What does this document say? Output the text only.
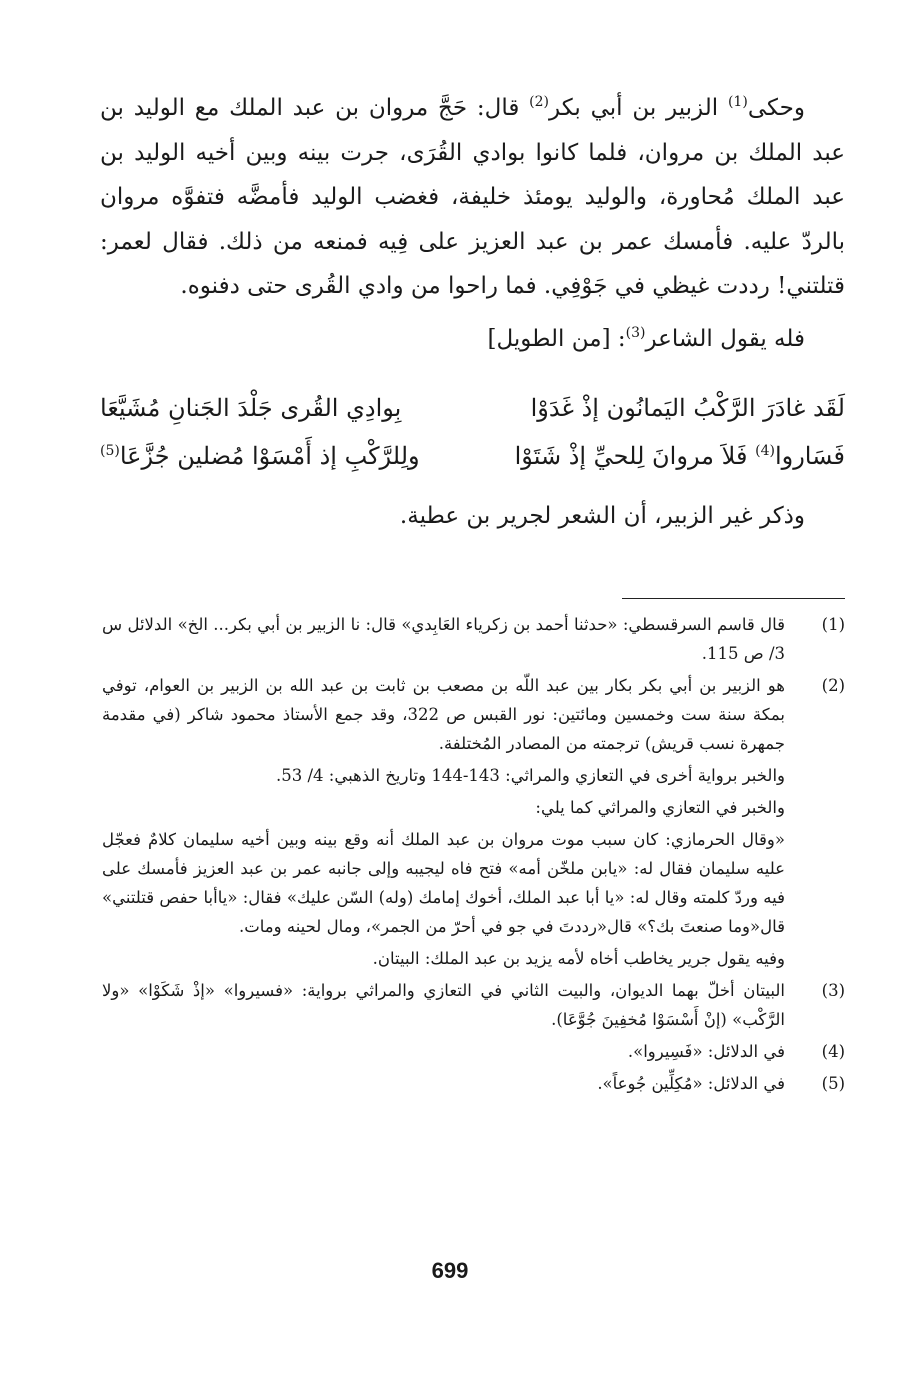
وحكى$^{(1)}$ الزبير بن أبي بكر$^{(2)}$ قال: حَجَّ مروان بن عبد الملك مع الوليد بن عبد الملك بن مروان، فلما كانوا بوادي القُرَى، جرت بينه وبين أخيه الوليد بن عبد الملك مُحاورة، والوليد يومئذ خليفة، فغضب الوليد فأمضَّه فتفوَّه مروان بالردّ عليه. فأمسك عمر بن عبد العزيز على فِيه فمنعه من ذلك. فقال لعمر: قتلتني! رددت غيظي في جَوْفِي. فما راحوا من وادي القُرى حتى دفنوه.

فله يقول الشاعر$^{(3)}$: [من الطويل]

لَقَد غادَرَ الرَّكْبُ اليَمانُون إذْ غَدَوْا
بِوادِي القُرى جَلْدَ الجَنانِ مُشَيَّعَا
فَسَاروا$^{(4)}$ فَلاَ مروانَ لِلحيِّ إذْ شَتَوْا
ولِلرَّكْبِ إذ أَمْسَوْا مُضلين جُزَّعَا$^{(5)}$

وذكر غير الزبير، أن الشعر لجرير بن عطية.

(1)

قال قاسم السرقسطي: «حدثنا أحمد بن زكرياء العَابِدي» قال: نا الزبير بن أبي بكر... الخ» الدلائل س 3/ ص 115.

(2)

هو الزبير بن أبي بكر بكار بين عبد اللّه بن مصعب بن ثابت بن عبد الله بن الزبير بن العوام، توفي بمكة سنة ست وخمسين ومائتين: نور القبس ص 322، وقد جمع الأستاذ محمود شاكر (في مقدمة جمهرة نسب قريش) ترجمته من المصادر المُختلفة.

والخبر برواية أخرى في التعازي والمراثي: 143-144 وتاريخ الذهبي: 4/ 53.

والخبر في التعازي والمراثي كما يلي:

«وقال الحرمازي: كان سبب موت مروان بن عبد الملك أنه وقع بينه وبين أخيه سليمان كلامٌ فعجّل عليه سليمان فقال له: «يابن ملخّن أمه» فتح فاه ليجيبه وإلى جانبه عمر بن عبد العزيز فأمسك على فيه وردّ كلمته وقال له: «يا أبا عبد الملك، أخوك إمامك (وله) السّن عليك» فقال: «ياأبا حفص قتلتني» قال«وما صنعتَ بك؟» قال«رددتَ في جو في أحرّ من الجمر»، ومال لحينه ومات.

وفيه يقول جرير يخاطب أخاه لأمه يزيد بن عبد الملك: البيتان.

(3)

البيتان أخلّ بهما الديوان، والبيت الثاني في التعازي والمراثي برواية: «فسيروا» «إذْ شَكَوْا» «ولا الرَّكْب» (إنْ أَسْسَوْا مُخفِينَ جُوَّعَا).

(4)

في الدلائل: «فَسِيروا».

(5)

في الدلائل: «مُكِلِّين جُوعاً».

699
